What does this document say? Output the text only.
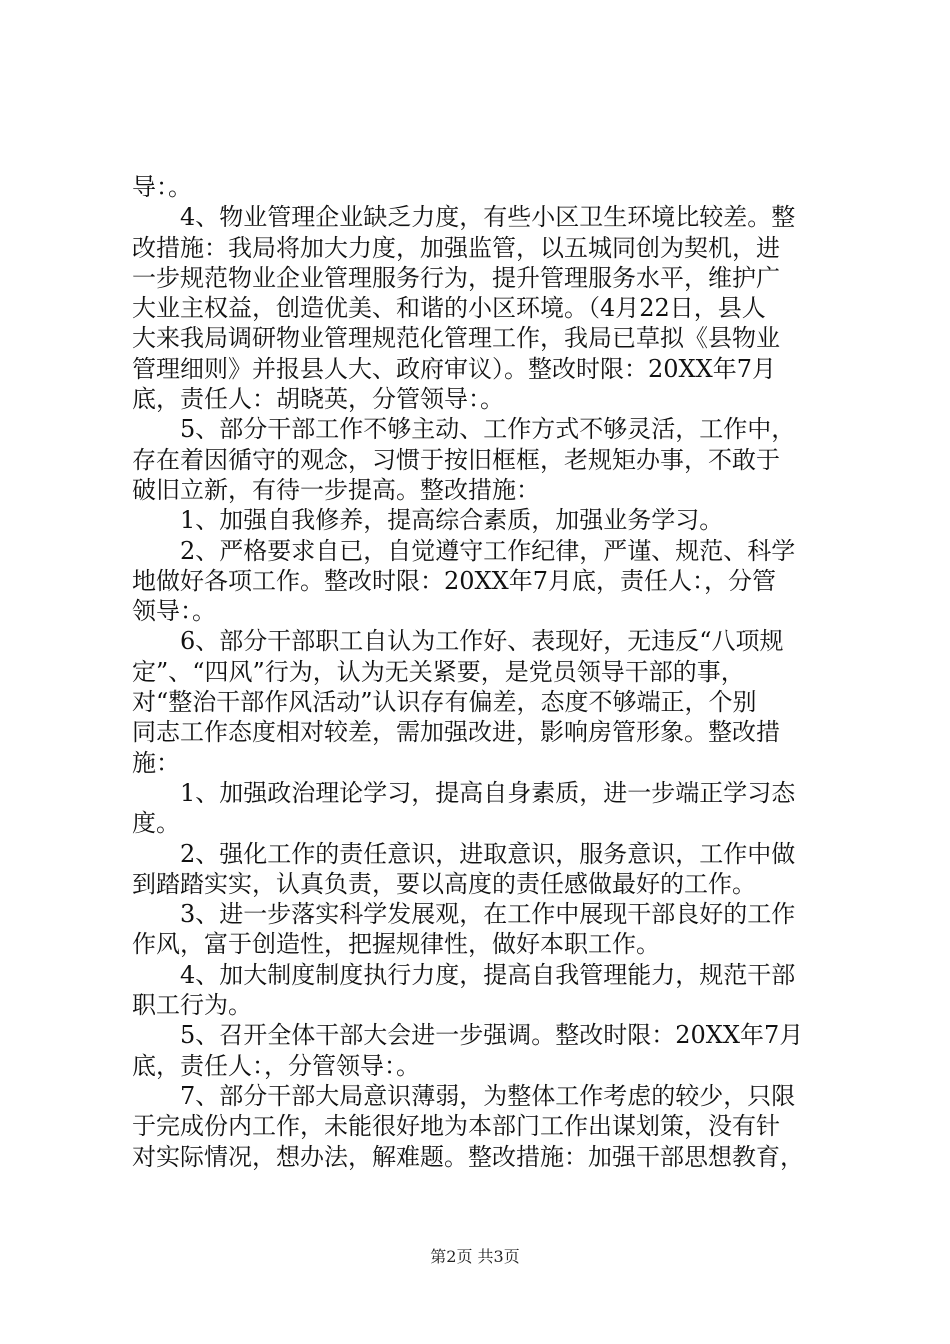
导：。
　　4、物业管理企业缺乏力度，有些小区卫生环境比较差。整
改措施：我局将加大力度，加强监管，以五城同创为契机，进
一步规范物业企业管理服务行为，提升管理服务水平，维护广
大业主权益，创造优美、和谐的小区环境。（4月22日，县人
大来我局调研物业管理规范化管理工作，我局已草拟《县物业
管理细则》并报县人大、政府审议）。整改时限：20XX年7月
底，责任人：胡晓英，分管领导：。
　　5、部分干部工作不够主动、工作方式不够灵活，工作中，
存在着因循守的观念，习惯于按旧框框，老规矩办事，不敢于
破旧立新，有待一步提高。整改措施：
　　1、加强自我修养，提高综合素质，加强业务学习。
　　2、严格要求自已，自觉遵守工作纪律，严谨、规范、科学
地做好各项工作。整改时限：20XX年7月底，责任人：，分管
领导：。
　　6、部分干部职工自认为工作好、表现好，无违反“八项规
定”、“四风”行为，认为无关紧要，是党员领导干部的事，
对“整治干部作风活动”认识存有偏差，态度不够端正，个别
同志工作态度相对较差，需加强改进，影响房管形象。整改措
施：
　　1、加强政治理论学习，提高自身素质，进一步端正学习态
度。
　　2、强化工作的责任意识，进取意识，服务意识，工作中做
到踏踏实实，认真负责，要以高度的责任感做最好的工作。
　　3、进一步落实科学发展观，在工作中展现干部良好的工作
作风，富于创造性，把握规律性，做好本职工作。
　　4、加大制度制度执行力度，提高自我管理能力，规范干部
职工行为。
　　5、召开全体干部大会进一步强调。整改时限：20XX年7月
底，责任人：，分管领导：。
　　7、部分干部大局意识薄弱，为整体工作考虑的较少，只限
于完成份内工作，未能很好地为本部门工作出谋划策，没有针
对实际情况，想办法，解难题。整改措施：加强干部思想教育，
第2页 共3页
